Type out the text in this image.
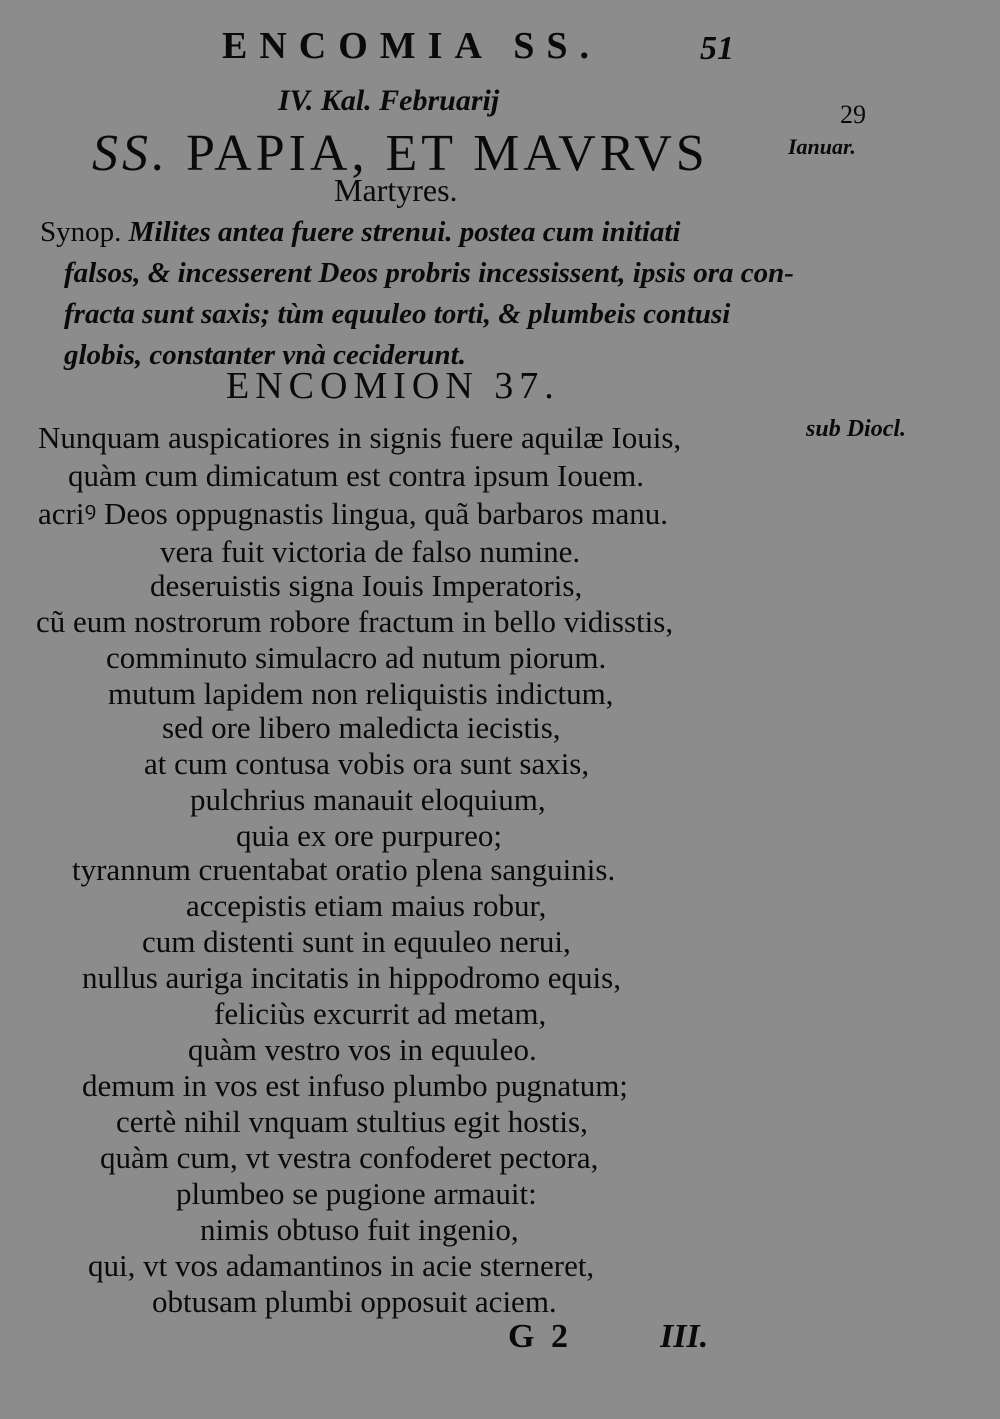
ENCOMIA SS.	51
IV. Kal. Februarij	29
Ianuar.
SS. PAPIA, ET MAVRVS
Martyres.
Synop. Milites antea fuere strenui. postea cum initiati
falsos, & incesserent Deos probris incessissent, ipsis ora con-
fracta sunt saxis; tùm equuleo torti, & plumbeis contusi
globis, constanter vnà ceciderunt.
ENCOMION 37.
sub Diocl.
Nunquam auspicatiores in signis fuere aquilæ Iouis,
quàm cum dimicatum est contra ipsum Iouem.
acriꝰ Deos oppugnastis lingua, quã barbaros manu.
vera fuit victoria de falso numine.
deseruistis signa Iouis Imperatoris,
cũ eum nostrorum robore fractum in bello vidisstis,
comminuto simulacro ad nutum piorum.
mutum lapidem non reliquistis indictum,
sed ore libero maledicta iecistis,
at cum contusa vobis ora sunt saxis,
pulchrius manauit eloquium,
quia ex ore purpureo;
tyrannum cruentabat oratio plena sanguinis.
accepistis etiam maius robur,
cum distenti sunt in equuleo nerui,
nullus auriga incitatis in hippodromo equis,
feliciùs excurrit ad metam,
quàm vestro vos in equuleo.
demum in vos est infuso plumbo pugnatum;
certè nihil vnquam stultius egit hostis,
quàm cum, vt vestra confoderet pectora,
plumbeo se pugione armauit:
nimis obtuso fuit ingenio,
qui, vt vos adamantinos in acie sterneret,
obtusam plumbi opposuit aciem.
G 2	III.
